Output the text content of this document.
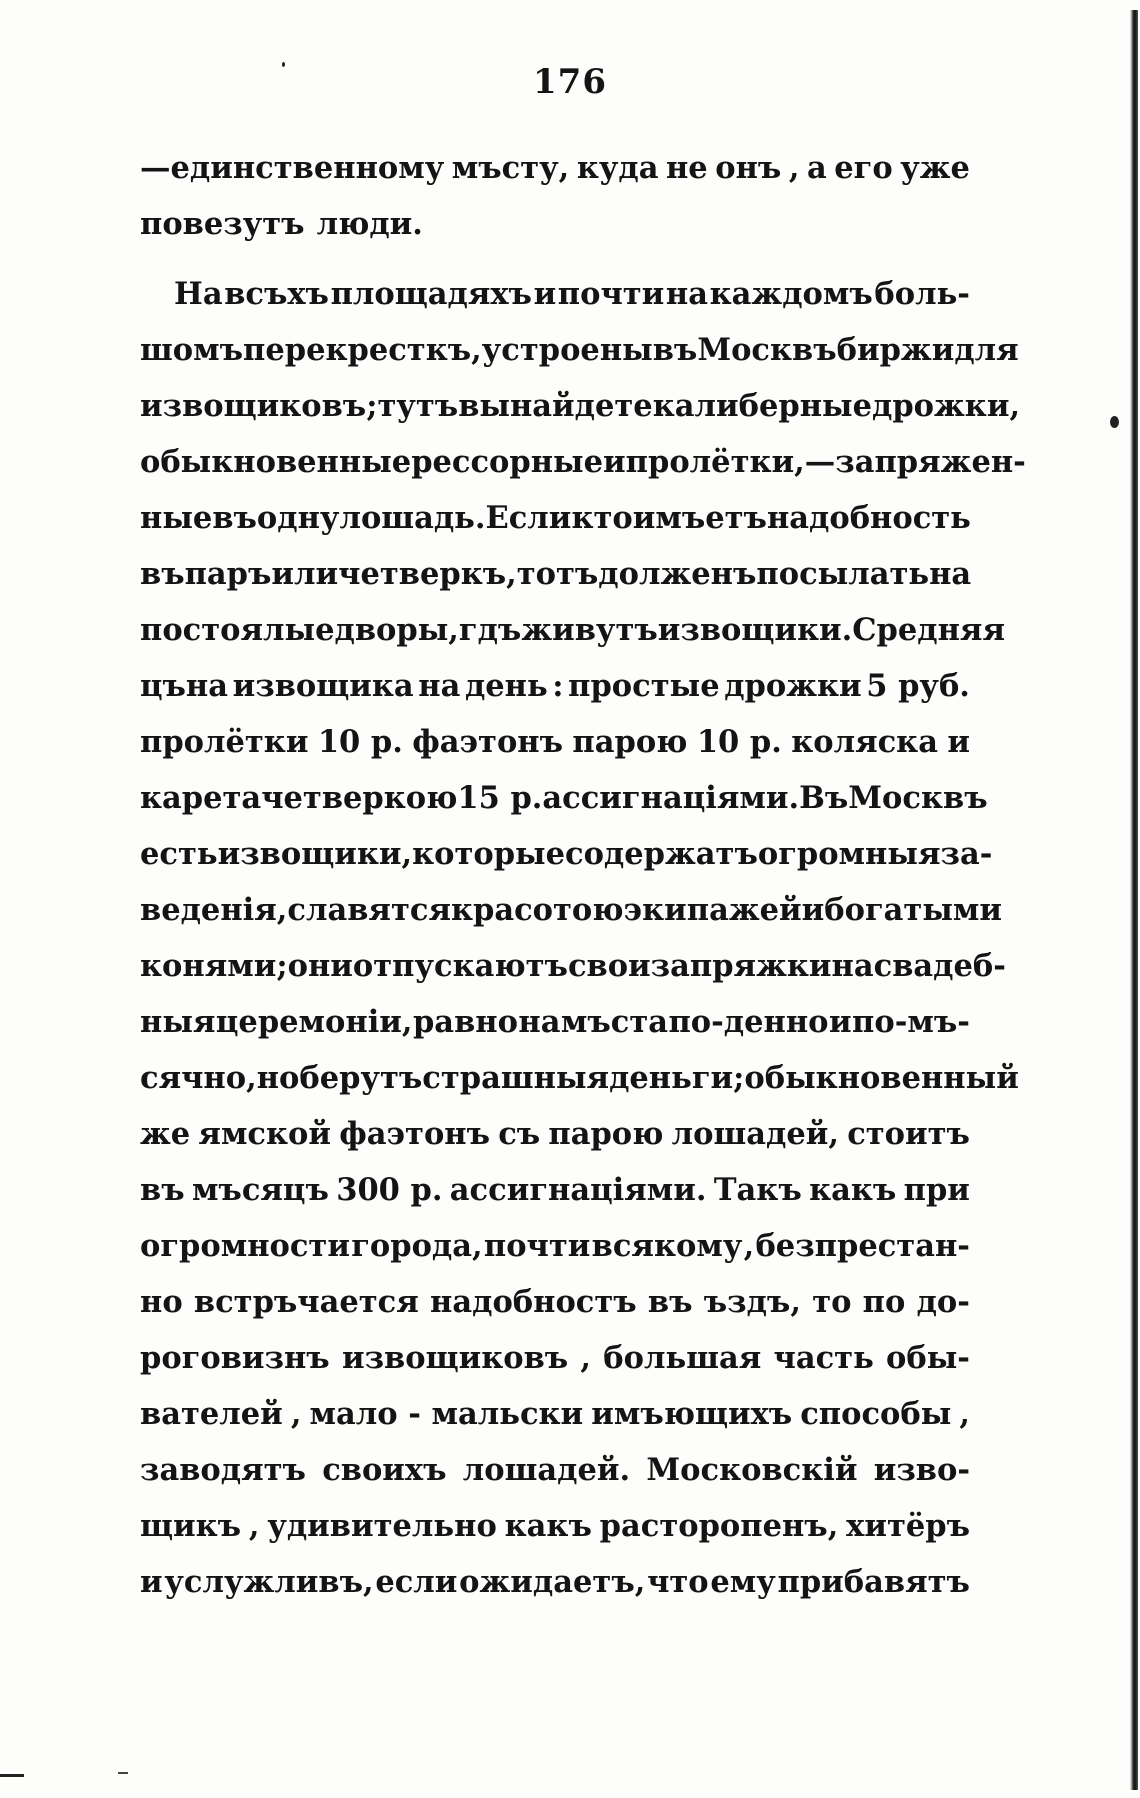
176
—единственному мъсту, куда не онъ , а его уже
повезутъ люди.
На всъхъ площадяхъ и почти на каждомъ боль-
шомъ перекресткъ, устроены въ Москвъ биржи для
извощиковъ; тутъ вы найдете калиберные дрожки,
обыкновенные рессорные и пролётки,—запряжен-
ные въ одну лошадь. Если кто имъетъ надобность
въ паръ или четверкъ, тотъ долженъ посылать на
постоялые дворы, гдъ живутъ извощики. Средняя
цъна извощика на день : простые дрожки 5 руб.
пролётки 10 р. фаэтонъ парою 10 р. коляска и
карета четверкою 15 р. ассигнаціями. Въ Москвъ
есть извощики, которые содержатъ огромныя за-
веденія, славятся красотою экипажей и богатыми
конями; они отпускаютъ свои запряжки на свадеб-
ныя церемоніи, равно на мъста по-денно и по-мъ-
сячно, но берутъ страшныя деньги; обыкновенный
же ямской фаэтонъ съ парою лошадей, стоитъ
въ мъсяцъ 300 р. ассигнаціями. Такъ какъ при
огромности города, почти всякому , безпрестан-
но встръчается надобностъ въ ъздъ, то по до-
роговизнъ извощиковъ , большая часть обы-
вателей , мало - мальски имъющихъ способы ,
заводятъ своихъ лошадей. Московскій изво-
щикъ , удивительно какъ расторопенъ, хитёръ
и услужливъ, если ожидаетъ, что ему прибавятъ
